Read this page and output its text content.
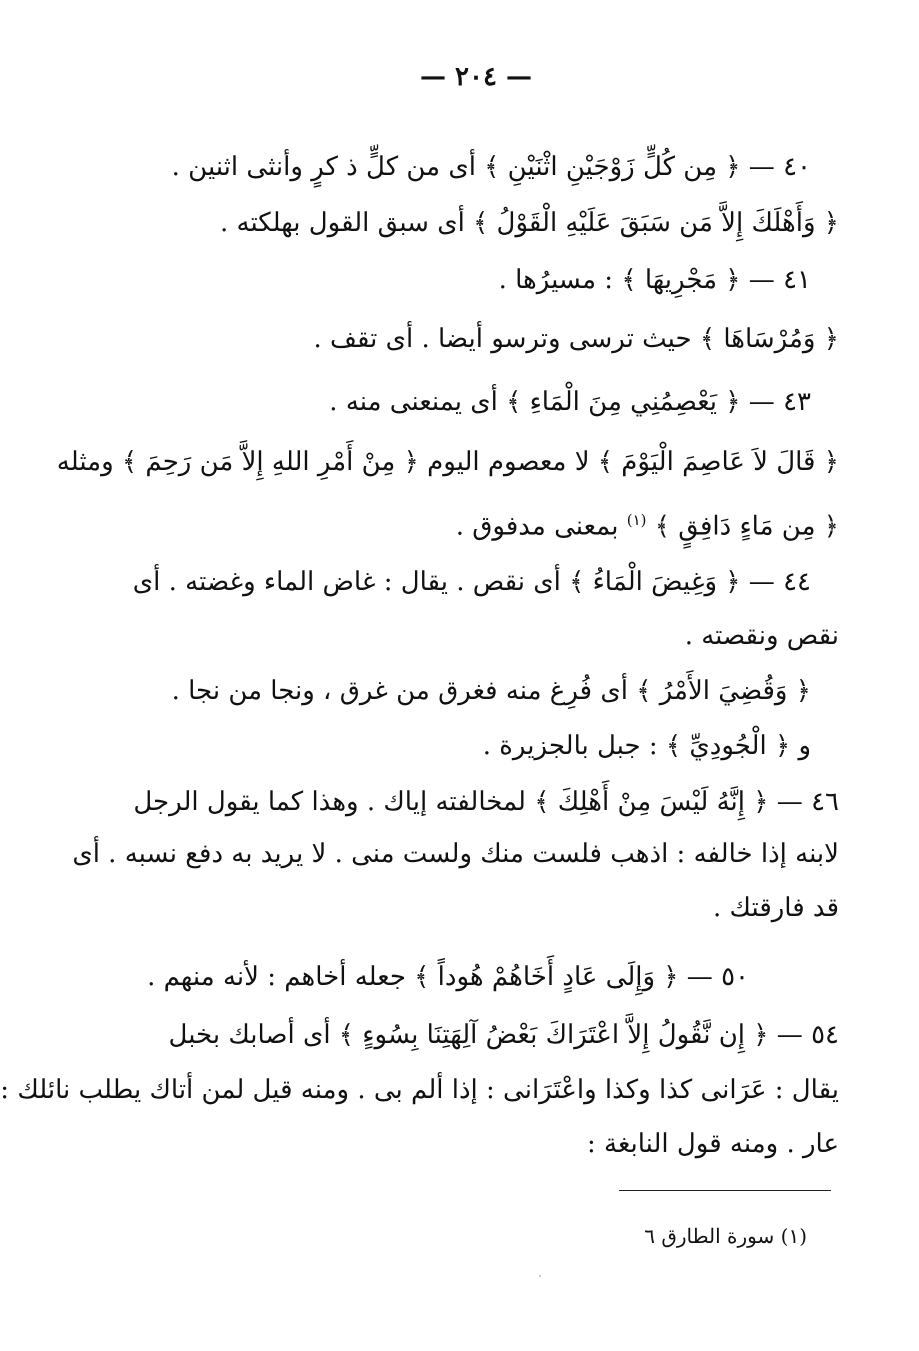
— ٢٠٤ —
٤٠ — ﴿ مِن كُلٍّ زَوْجَيْنِ اثْنَيْنِ ﴾ أى من كلٍّ ذ كرٍ وأنثى اثنين .
﴿ وَأَهْلَكَ إِلاَّ مَن سَبَقَ عَلَيْهِ الْقَوْلُ ﴾ أى سبق القول بهلكته .
٤١ — ﴿ مَجْرِيهَا ﴾ : مسيرُها .
﴿ وَمُرْسَاهَا ﴾ حيث ترسى وترسو أيضا . أى تقف .
٤٣ — ﴿ يَعْصِمُنِي مِنَ الْمَاءِ ﴾ أى يمنعنى منه .
﴿ قَالَ لاَ عَاصِمَ الْيَوْمَ ﴾ لا معصوم اليوم ﴿ مِنْ أَمْرِ اللهِ إِلاَّ مَن رَحِمَ ﴾ ومثله
﴿ مِن مَاءٍ دَافِقٍ ﴾ $^{(١)}$ بمعنى مدفوق .
٤٤ — ﴿ وَغِيضَ الْمَاءُ ﴾ أى نقص . يقال : غاض الماء وغضته . أى
نقص ونقصته .
﴿ وَقُضِيَ الأَمْرُ ﴾ أى فُرِغ منه فغرق من غرق ، ونجا من نجا .
و ﴿ الْجُودِيِّ ﴾ : جبل بالجزيرة .
٤٦ — ﴿ إِنَّهُ لَيْسَ مِنْ أَهْلِكَ ﴾ لمخالفته إياك . وهذا كما يقول الرجل
لابنه إذا خالفه : اذهب فلست منك ولست منى . لا يريد به دفع نسبه . أى
قد فارقتك .
٥٠ — ﴿ وَإِلَى عَادٍ أَخَاهُمْ هُوداً ﴾ جعله أخاهم : لأنه منهم .
٥٤ — ﴿ إِن نَّقُولُ إِلاَّ اعْتَرَاكَ بَعْضُ آلِهَتِنَا بِسُوءٍ ﴾ أى أصابك بخبل
يقال : عَرَانى كذا وكذا واعْتَرَانى : إذا ألم بى . ومنه قيل لمن أتاك يطلب نائلك :
عار . ومنه قول النابغة :
(١) سورة الطارق ٦
